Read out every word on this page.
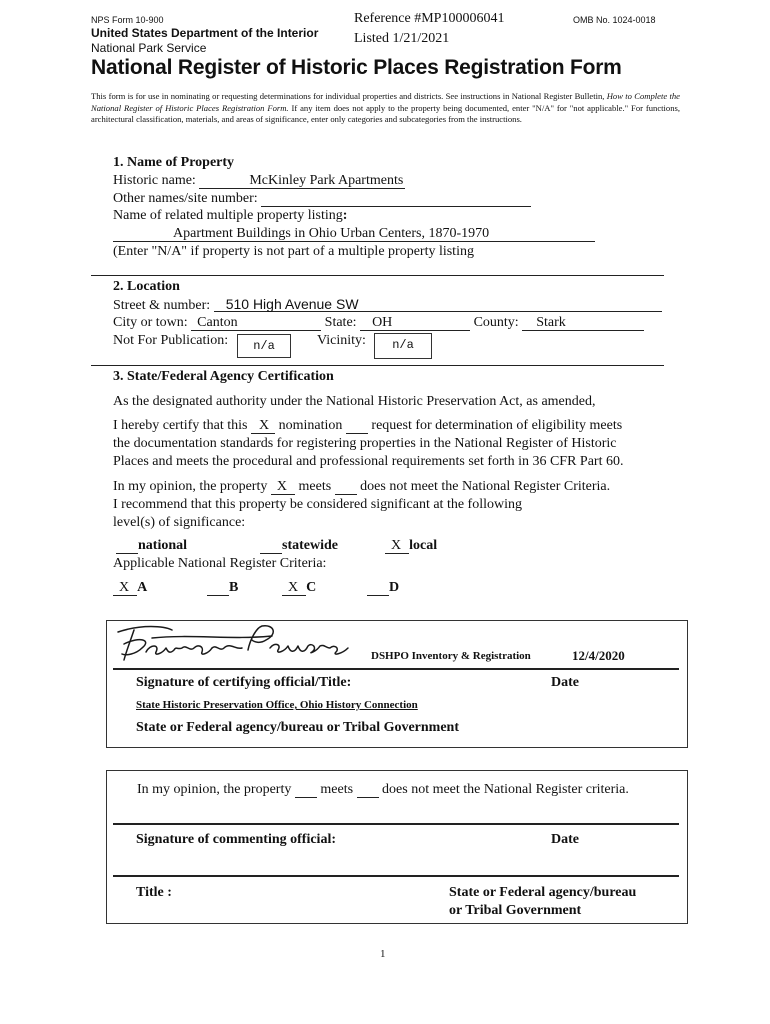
NPS Form 10-900
United States Department of the Interior
National Park Service
Reference #MP100006041
Listed 1/21/2021
OMB No. 1024-0018
National Register of Historic Places Registration Form
This form is for use in nominating or requesting determinations for individual properties and districts. See instructions in National Register Bulletin, How to Complete the National Register of Historic Places Registration Form. If any item does not apply to the property being documented, enter "N/A" for "not applicable." For functions, architectural classification, materials, and areas of significance, enter only categories and subcategories from the instructions.
1. Name of Property
Historic name:	McKinley Park Apartments
Other names/site number:
Name of related multiple property listing:
Apartment Buildings in Ohio Urban Centers, 1870-1970
(Enter "N/A" if property is not part of a multiple property listing
2. Location
Street & number: 510 High Avenue SW
City or town: Canton	State: OH	County: Stark
Not For Publication:	n/a	Vicinity:	n/a
3. State/Federal Agency Certification
As the designated authority under the National Historic Preservation Act, as amended,
I hereby certify that this X nomination   request for determination of eligibility meets
the documentation standards for registering properties in the National Register of Historic
Places and meets the procedural and professional requirements set forth in 36 CFR Part 60.
In my opinion, the property X meets   does not meet the National Register Criteria.
I recommend that this property be considered significant at the following
level(s) of significance:
national	statewide	X local
Applicable National Register Criteria:
X A	B	X C	D
DSHPO Inventory & Registration	12/4/2020
Signature of certifying official/Title:	Date
State Historic Preservation Office, Ohio History Connection
State or Federal agency/bureau or Tribal Government
In my opinion, the property   meets   does not meet the National Register criteria.
Signature of commenting official:	Date
Title :	State or Federal agency/bureau
or Tribal Government
1
